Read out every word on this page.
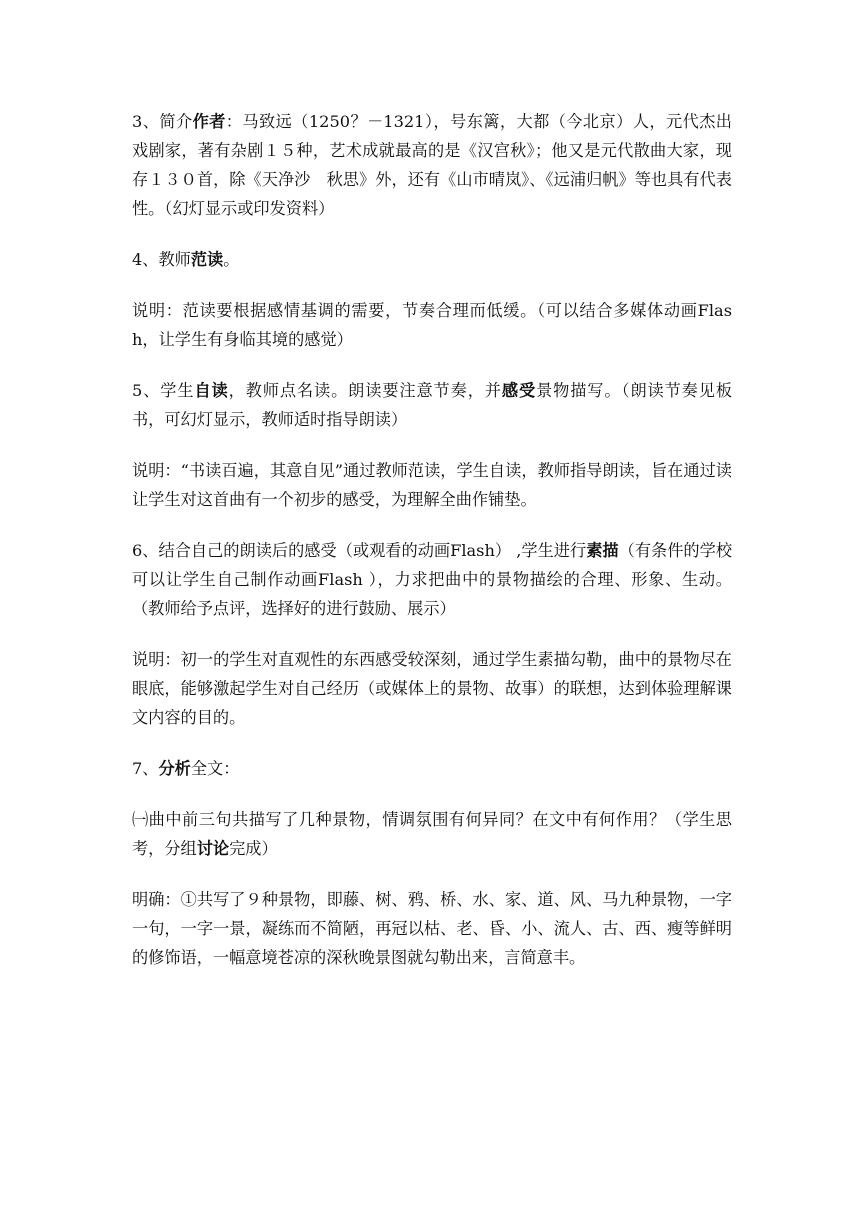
3、简介作者：马致远（1250？－1321），号东篱，大都（今北京）人，元代杰出戏剧家，著有杂剧１５种，艺术成就最高的是《汉宫秋》；他又是元代散曲大家，现存１３０首，除《天净沙　秋思》外，还有《山市晴岚》、《远浦归帆》等也具有代表性。（幻灯显示或印发资料）

4、教师范读。

说明：范读要根据感情基调的需要，节奏合理而低缓。（可以结合多媒体动画Flash，让学生有身临其境的感觉）

5、学生自读，教师点名读。朗读要注意节奏，并感受景物描写。（朗读节奏见板书，可幻灯显示，教师适时指导朗读）

说明：“书读百遍，其意自见”通过教师范读，学生自读，教师指导朗读，旨在通过读让学生对这首曲有一个初步的感受，为理解全曲作铺垫。

6、结合自己的朗读后的感受（或观看的动画Flash） ,学生进行素描（有条件的学校可以让学生自己制作动画Flash ），力求把曲中的景物描绘的合理、形象、生动。（教师给予点评，选择好的进行鼓励、展示）

说明：初一的学生对直观性的东西感受较深刻，通过学生素描勾勒，曲中的景物尽在眼底，能够激起学生对自己经历（或媒体上的景物、故事）的联想，达到体验理解课文内容的目的。

7、分析全文：

㈠曲中前三句共描写了几种景物，情调氛围有何异同？在文中有何作用？（学生思考，分组讨论完成）

明确：①共写了９种景物，即藤、树、鸦、桥、水、家、道、风、马九种景物，一字一句，一字一景，凝练而不简陋，再冠以枯、老、昏、小、流人、古、西、瘦等鲜明的修饰语，一幅意境苍凉的深秋晚景图就勾勒出来，言简意丰。
